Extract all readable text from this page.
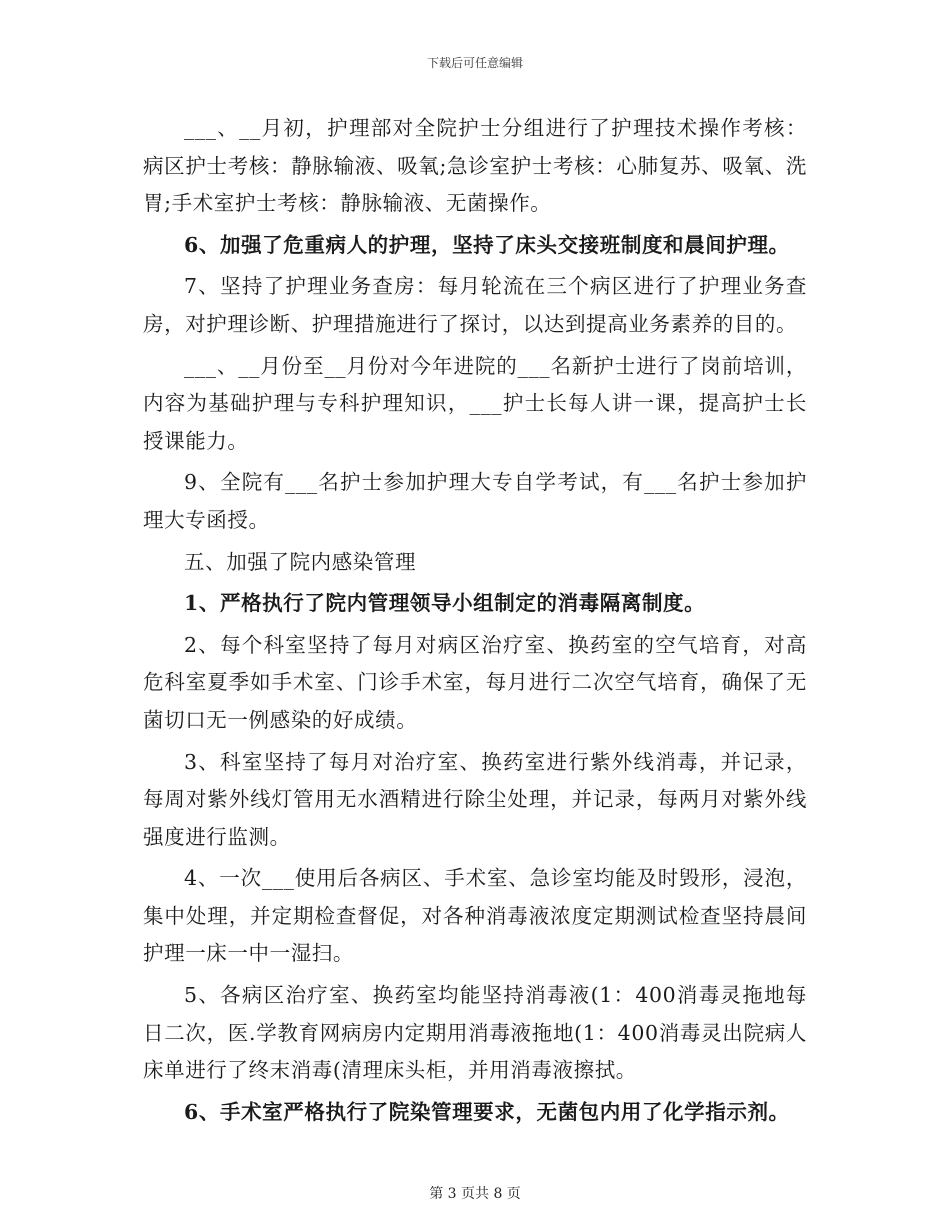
下载后可任意编辑

___、__月初，护理部对全院护士分组进行了护理技术操作考核：病区护士考核：静脉输液、吸氧;急诊室护士考核：心肺复苏、吸氧、洗胃;手术室护士考核：静脉输液、无菌操作。

6、加强了危重病人的护理，坚持了床头交接班制度和晨间护理。

7、坚持了护理业务查房：每月轮流在三个病区进行了护理业务查房，对护理诊断、护理措施进行了探讨，以达到提高业务素养的目的。

___、__月份至__月份对今年进院的___名新护士进行了岗前培训，内容为基础护理与专科护理知识，___护士长每人讲一课，提高护士长授课能力。

9、全院有___名护士参加护理大专自学考试，有___名护士参加护理大专函授。

五、加强了院内感染管理

1、严格执行了院内管理领导小组制定的消毒隔离制度。

2、每个科室坚持了每月对病区治疗室、换药室的空气培育，对高危科室夏季如手术室、门诊手术室，每月进行二次空气培育，确保了无菌切口无一例感染的好成绩。

3、科室坚持了每月对治疗室、换药室进行紫外线消毒，并记录，每周对紫外线灯管用无水酒精进行除尘处理，并记录，每两月对紫外线强度进行监测。

4、一次___使用后各病区、手术室、急诊室均能及时毁形，浸泡，集中处理，并定期检查督促，对各种消毒液浓度定期测试检查坚持晨间护理一床一中一湿扫。

5、各病区治疗室、换药室均能坚持消毒液(1：400消毒灵拖地每日二次，医.学教育网病房内定期用消毒液拖地(1：400消毒灵出院病人床单进行了终末消毒(清理床头柜，并用消毒液擦拭。

6、手术室严格执行了院染管理要求，无菌包内用了化学指示剂。

第 3 页共 8 页
